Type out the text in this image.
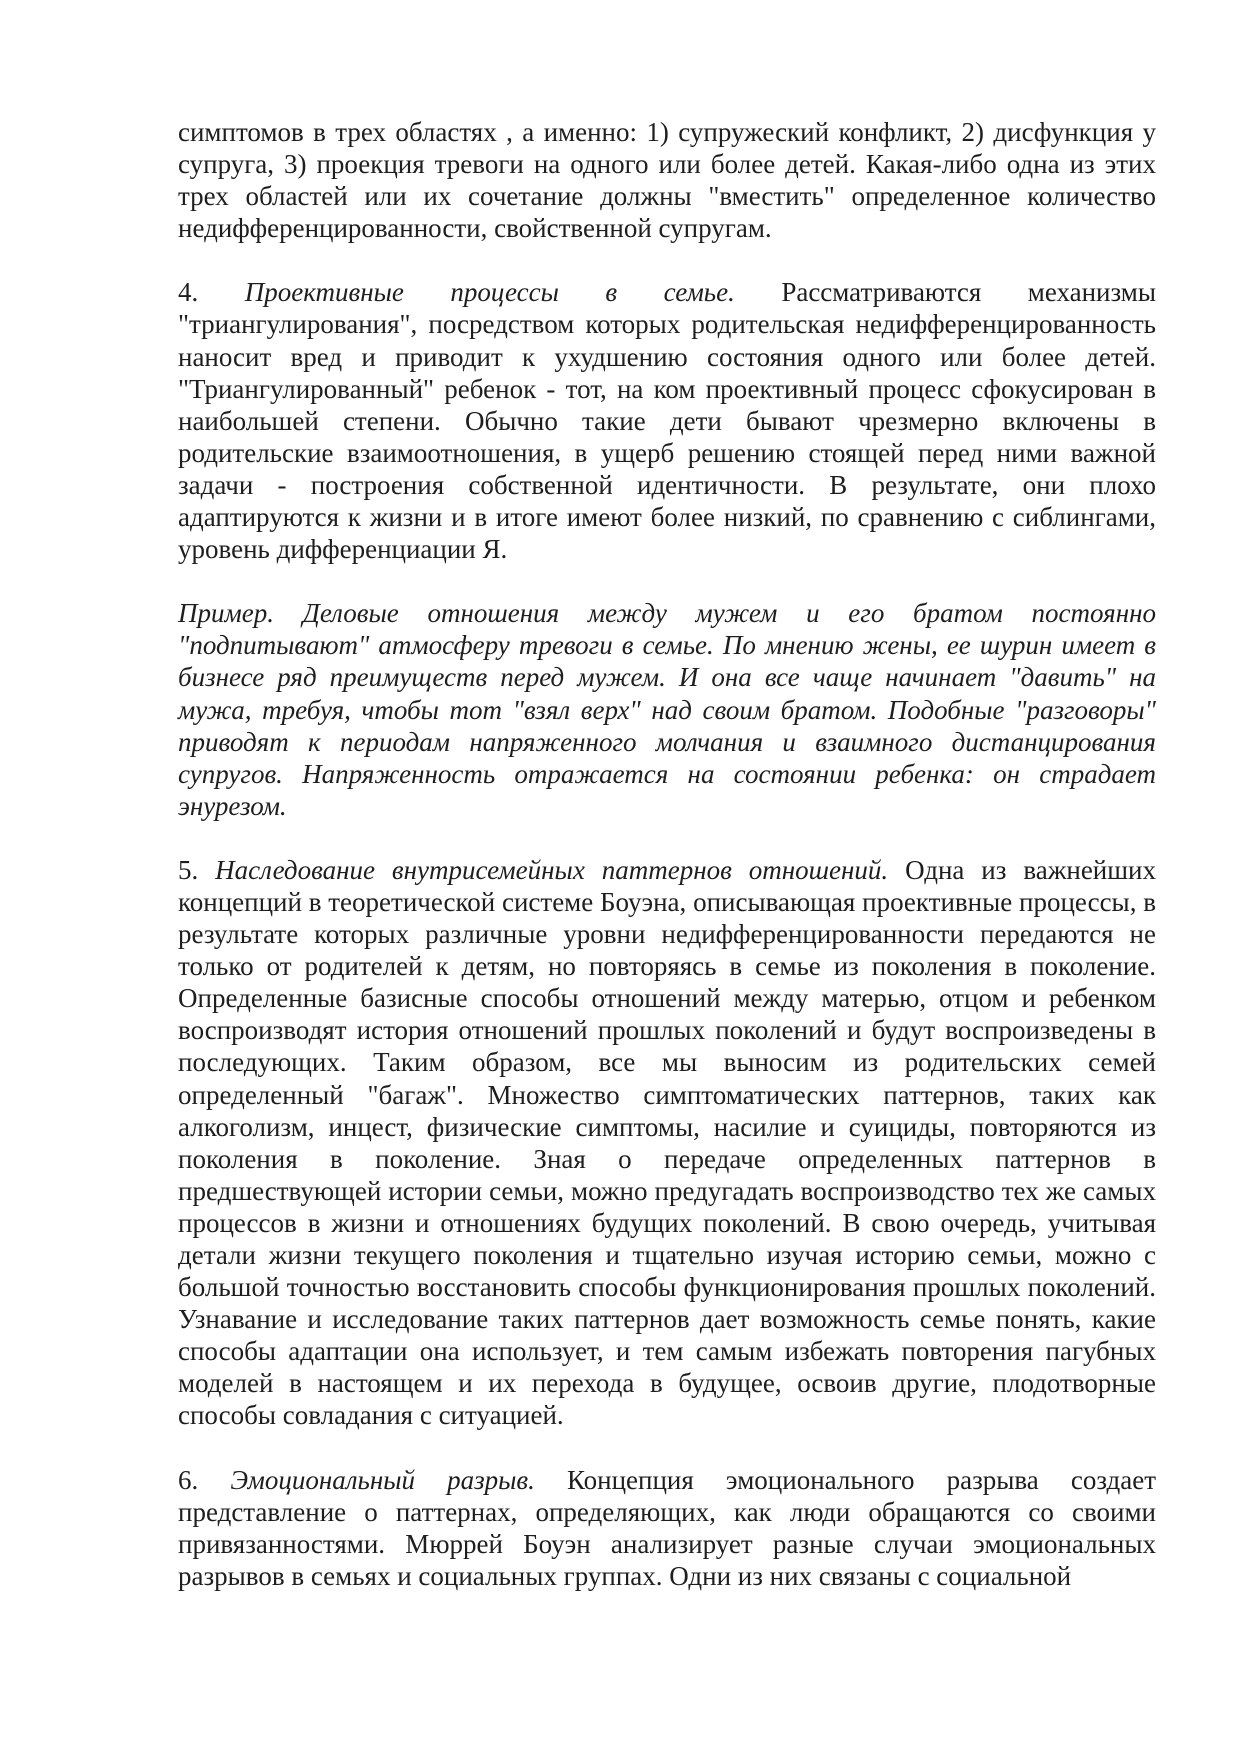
симптомов в трех областях , а именно: 1) супружеский конфликт, 2) дисфункция у супруга, 3) проекция тревоги на одного или более детей. Какая-либо одна из этих трех областей или их сочетание должны "вместить" определенное количество недифференцированности, свойственной супругам.

4. Проективные процессы в семье. Рассматриваются механизмы "триангулирования", посредством которых родительская недифференцированность наносит вред и приводит к ухудшению состояния одного или более детей. "Триангулированный" ребенок - тот, на ком проективный процесс сфокусирован в наибольшей степени. Обычно такие дети бывают чрезмерно включены в родительские взаимоотношения, в ущерб решению стоящей перед ними важной задачи - построения собственной идентичности. В результате, они плохо адаптируются к жизни и в итоге имеют более низкий, по сравнению с сиблингами, уровень дифференциации Я.

Пример. Деловые отношения между мужем и его братом постоянно "подпитывают" атмосферу тревоги в семье. По мнению жены, ее шурин имеет в бизнесе ряд преимуществ перед мужем. И она все чаще начинает "давить" на мужа, требуя, чтобы тот "взял верх" над своим братом. Подобные "разговоры" приводят к периодам напряженного молчания и взаимного дистанцирования супругов. Напряженность отражается на состоянии ребенка: он страдает энурезом.

5. Наследование внутрисемейных паттернов отношений. Одна из важнейших концепций в теоретической системе Боуэна, описывающая проективные процессы, в результате которых различные уровни недифференцированности передаются не только от родителей к детям, но повторяясь в семье из поколения в поколение. Определенные базисные способы отношений между матерью, отцом и ребенком воспроизводят история отношений прошлых поколений и будут воспроизведены в последующих. Таким образом, все мы выносим из родительских семей определенный "багаж". Множество симптоматических паттернов, таких как алкоголизм, инцест, физические симптомы, насилие и суициды, повторяются из поколения в поколение. Зная о передаче определенных паттернов в предшествующей истории семьи, можно предугадать воспроизводство тех же самых процессов в жизни и отношениях будущих поколений. В свою очередь, учитывая детали жизни текущего поколения и тщательно изучая историю семьи, можно с большой точностью восстановить способы функционирования прошлых поколений. Узнавание и исследование таких паттернов дает возможность семье понять, какие способы адаптации она использует, и тем самым избежать повторения пагубных моделей в настоящем и их перехода в будущее, освоив другие, плодотворные способы совладания с ситуацией.

6. Эмоциональный разрыв. Концепция эмоционального разрыва создает представление о паттернах, определяющих, как люди обращаются со своими привязанностями. Мюррей Боуэн анализирует разные случаи эмоциональных разрывов в семьях и социальных группах. Одни из них связаны с социальной
